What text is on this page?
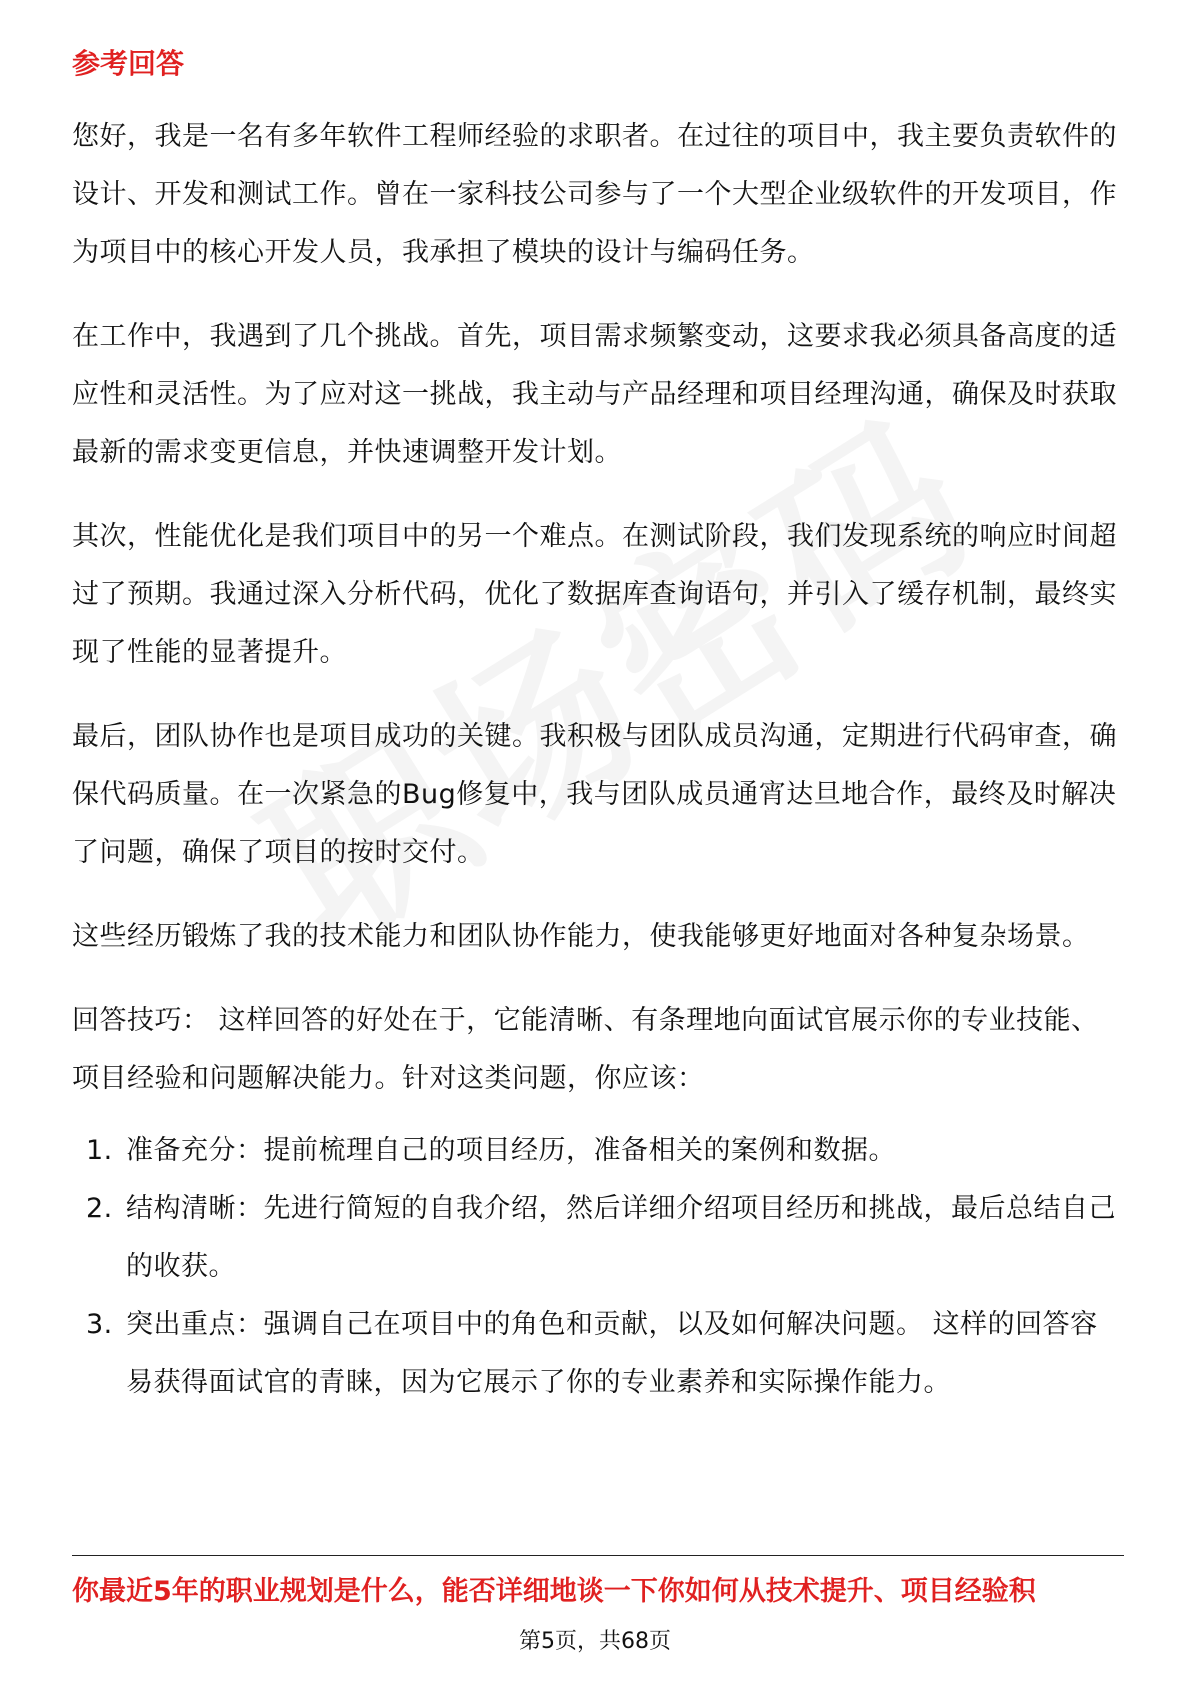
参考回答

您好，我是一名有多年软件工程师经验的求职者。在过往的项目中，我主要负责软件的设计、开发和测试工作。曾在一家科技公司参与了一个大型企业级软件的开发项目，作为项目中的核心开发人员，我承担了模块的设计与编码任务。

在工作中，我遇到了几个挑战。首先，项目需求频繁变动，这要求我必须具备高度的适应性和灵活性。为了应对这一挑战，我主动与产品经理和项目经理沟通，确保及时获取最新的需求变更信息，并快速调整开发计划。

其次，性能优化是我们项目中的另一个难点。在测试阶段，我们发现系统的响应时间超过了预期。我通过深入分析代码，优化了数据库查询语句，并引入了缓存机制，最终实现了性能的显著提升。

最后，团队协作也是项目成功的关键。我积极与团队成员沟通，定期进行代码审查，确保代码质量。在一次紧急的Bug修复中，我与团队成员通宵达旦地合作，最终及时解决了问题，确保了项目的按时交付。

这些经历锻炼了我的技术能力和团队协作能力，使我能够更好地面对各种复杂场景。

回答技巧： 这样回答的好处在于，它能清晰、有条理地向面试官展示你的专业技能、项目经验和问题解决能力。针对这类问题，你应该：

1. 准备充分：提前梳理自己的项目经历，准备相关的案例和数据。
2. 结构清晰：先进行简短的自我介绍，然后详细介绍项目经历和挑战，最后总结自己的收获。
3. 突出重点：强调自己在项目中的角色和贡献，以及如何解决问题。 这样的回答容易获得面试官的青睐，因为它展示了你的专业素养和实际操作能力。
你最近5年的职业规划是什么，能否详细地谈一下你如何从技术提升、项目经验积
第5页，共68页
